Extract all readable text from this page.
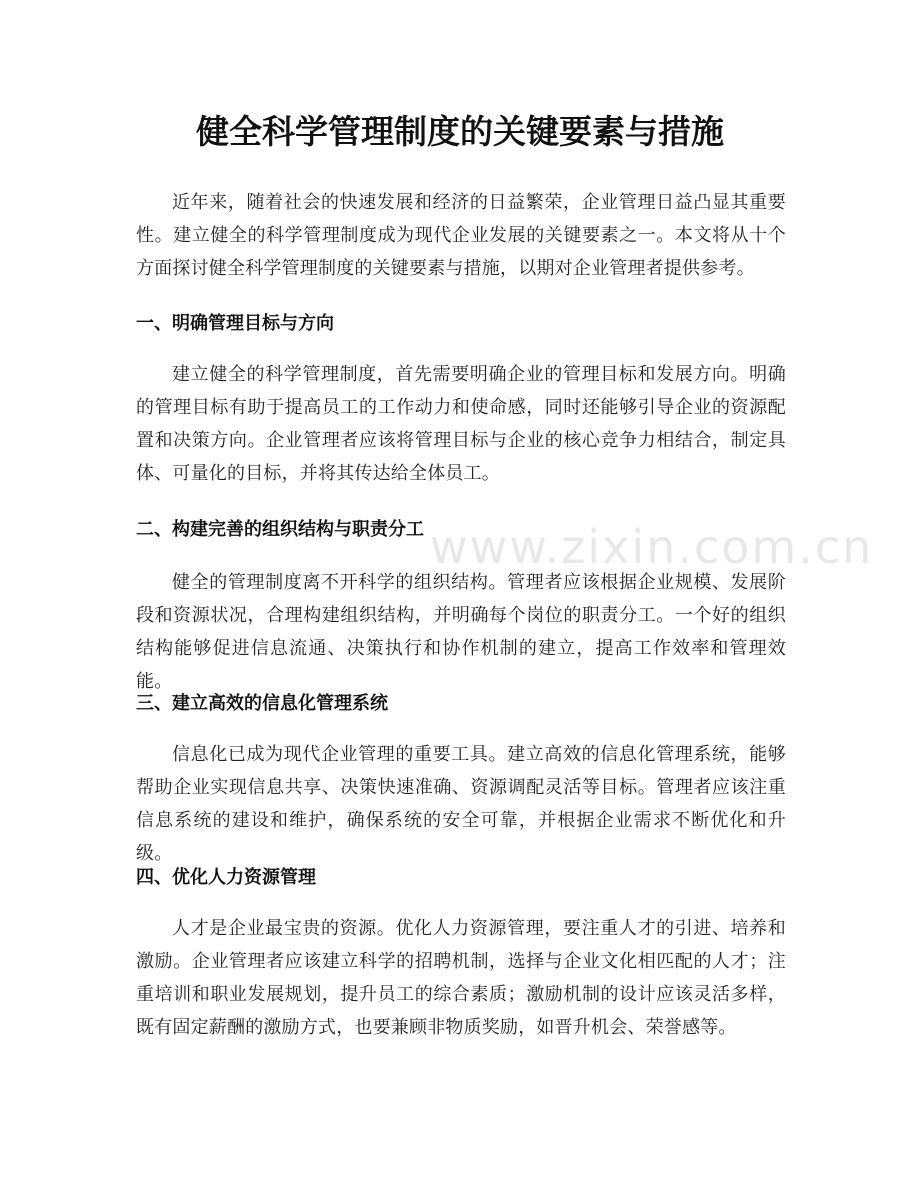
健全科学管理制度的关键要素与措施

近年来，随着社会的快速发展和经济的日益繁荣，企业管理日益凸显其重要性。建立健全的科学管理制度成为现代企业发展的关键要素之一。本文将从十个方面探讨健全科学管理制度的关键要素与措施，以期对企业管理者提供参考。

一、明确管理目标与方向

建立健全的科学管理制度，首先需要明确企业的管理目标和发展方向。明确的管理目标有助于提高员工的工作动力和使命感，同时还能够引导企业的资源配置和决策方向。企业管理者应该将管理目标与企业的核心竞争力相结合，制定具体、可量化的目标，并将其传达给全体员工。

二、构建完善的组织结构与职责分工

健全的管理制度离不开科学的组织结构。管理者应该根据企业规模、发展阶段和资源状况，合理构建组织结构，并明确每个岗位的职责分工。一个好的组织结构能够促进信息流通、决策执行和协作机制的建立，提高工作效率和管理效能。

三、建立高效的信息化管理系统

信息化已成为现代企业管理的重要工具。建立高效的信息化管理系统，能够帮助企业实现信息共享、决策快速准确、资源调配灵活等目标。管理者应该注重信息系统的建设和维护，确保系统的安全可靠，并根据企业需求不断优化和升级。

四、优化人力资源管理

人才是企业最宝贵的资源。优化人力资源管理，要注重人才的引进、培养和激励。企业管理者应该建立科学的招聘机制，选择与企业文化相匹配的人才；注重培训和职业发展规划，提升员工的综合素质；激励机制的设计应该灵活多样，既有固定薪酬的激励方式，也要兼顾非物质奖励，如晋升机会、荣誉感等。

www.zixin.com.cn
